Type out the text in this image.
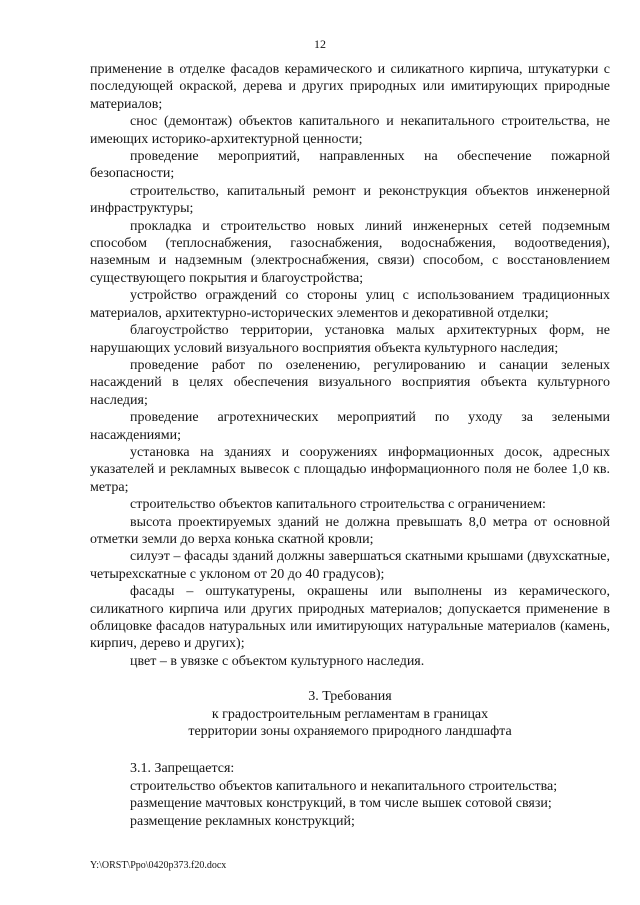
12

применение в отделке фасадов керамического и силикатного кирпича, штукатурки с последующей окраской, дерева и других природных или имитирующих природные материалов;

снос (демонтаж) объектов капитального и некапитального строительства, не имеющих историко-архитектурной ценности;

проведение мероприятий, направленных на обеспечение пожарной безопасности;

строительство, капитальный ремонт и реконструкция объектов инженерной инфраструктуры;

прокладка и строительство новых линий инженерных сетей подземным способом (теплоснабжения, газоснабжения, водоснабжения, водоотведения), наземным и надземным (электроснабжения, связи) способом, с восстановлением существующего покрытия и благоустройства;

устройство ограждений со стороны улиц с использованием традиционных материалов, архитектурно-исторических элементов и декоративной отделки;

благоустройство территории, установка малых архитектурных форм, не нарушающих условий визуального восприятия объекта культурного наследия;

проведение работ по озеленению, регулированию и санации зеленых насаждений в целях обеспечения визуального восприятия объекта культурного наследия;

проведение агротехнических мероприятий по уходу за зелеными насаждениями;

установка на зданиях и сооружениях информационных досок, адресных указателей и рекламных вывесок с площадью информационного поля не более 1,0 кв. метра;

строительство объектов капитального строительства с ограничением:

высота проектируемых зданий не должна превышать 8,0 метра от основной отметки земли до верха конька скатной кровли;

силуэт – фасады зданий должны завершаться скатными крышами (двухскатные, четырехскатные с уклоном от 20 до 40 градусов);

фасады – оштукатурены, окрашены или выполнены из керамического, силикатного кирпича или других природных материалов; допускается применение в облицовке фасадов натуральных или имитирующих натуральные материалов (камень, кирпич, дерево и других);

цвет – в увязке с объектом культурного наследия.

3. Требования

к градостроительным регламентам в границах

территории зоны охраняемого природного ландшафта

3.1. Запрещается:

строительство объектов капитального и некапитального строительства;

размещение мачтовых конструкций, в том числе вышек сотовой связи;

размещение рекламных конструкций;

Y:\ORST\Ppo\0420p373.f20.docx
